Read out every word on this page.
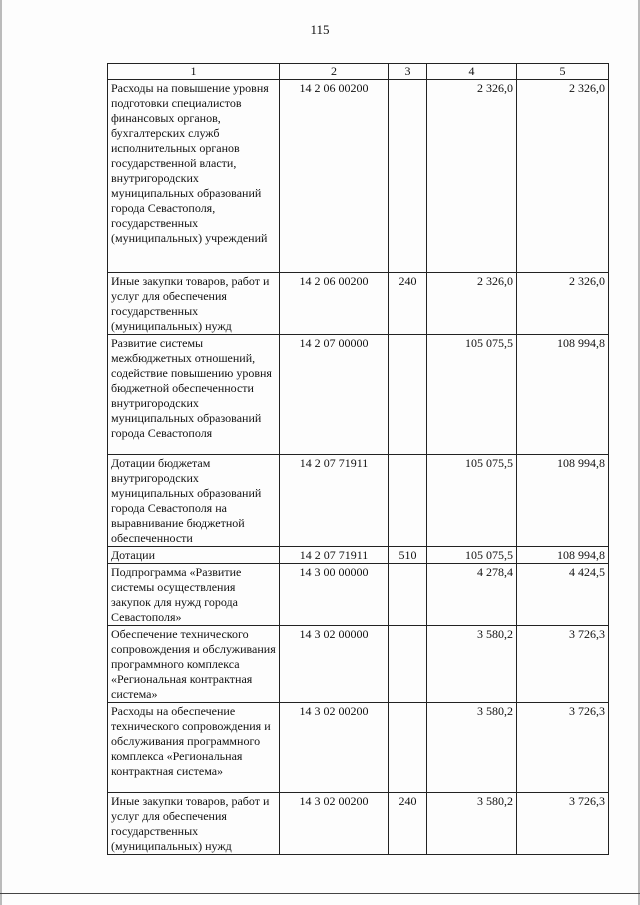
115
1	2	3	4	5
Расходы на повышение уровня подготовки специалистов финансовых органов, бухгалтерских служб исполнительных органов государственной власти, внутригородских муниципальных образований города Севастополя, государственных (муниципальных) учреждений	14 2 06 00200		2 326,0	2 326,0
Иные закупки товаров, работ и услуг для обеспечения государственных (муниципальных) нужд	14 2 06 00200	240	2 326,0	2 326,0
Развитие системы межбюджетных отношений, содействие повышению уровня бюджетной обеспеченности внутригородских муниципальных образований города Севастополя	14 2 07 00000		105 075,5	108 994,8
Дотации бюджетам внутригородских муниципальных образований города Севастополя на выравнивание бюджетной обеспеченности	14 2 07 71911		105 075,5	108 994,8
Дотации	14 2 07 71911	510	105 075,5	108 994,8
Подпрограмма «Развитие системы осуществления закупок для нужд города Севастополя»	14 3 00 00000		4 278,4	4 424,5
Обеспечение технического сопровождения и обслуживания программного комплекса «Региональная контрактная система»	14 3 02 00000		3 580,2	3 726,3
Расходы на обеспечение технического сопровождения и обслуживания программного комплекса «Региональная контрактная система»	14 3 02 00200		3 580,2	3 726,3
Иные закупки товаров, работ и услуг для обеспечения государственных (муниципальных) нужд	14 3 02 00200	240	3 580,2	3 726,3
